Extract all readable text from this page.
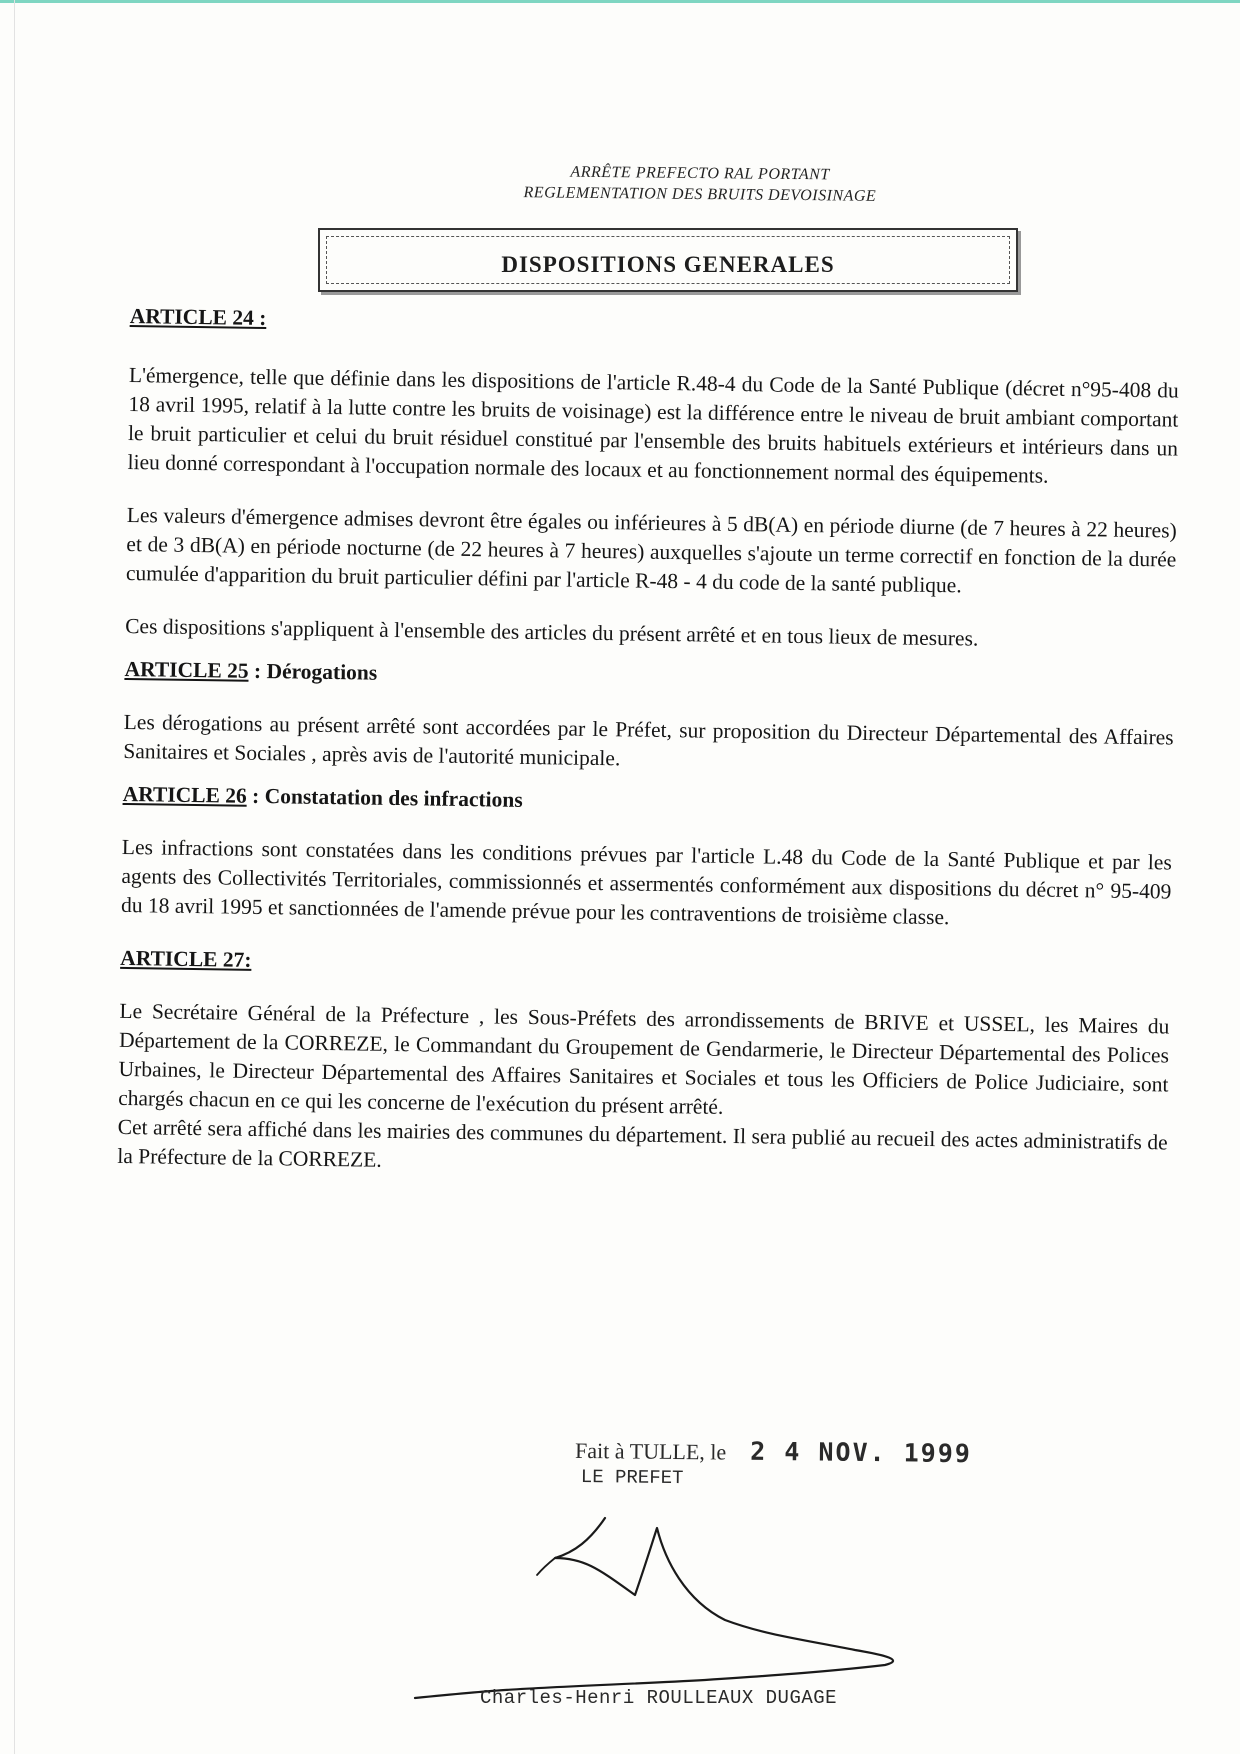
ARRÊTE PREFECTO RAL PORTANT
REGLEMENTATION DES BRUITS DEVOISINAGE
DISPOSITIONS GENERALES
ARTICLE 24 :

L'émergence, telle que définie dans les dispositions de l'article R.48-4 du Code de la Santé Publique (décret n°95-408 du 18 avril 1995, relatif à la lutte contre les bruits de voisinage) est la différence entre le niveau de bruit ambiant comportant le bruit particulier et celui du bruit résiduel constitué par l'ensemble des bruits habituels extérieurs et intérieurs dans un lieu donné correspondant à l'occupation normale des locaux et au fonctionnement normal des équipements.

Les valeurs d'émergence admises devront être égales ou inférieures à 5 dB(A) en période diurne (de 7 heures à 22 heures) et de 3 dB(A) en période nocturne (de 22 heures à 7 heures) auxquelles s'ajoute un terme correctif en fonction de la durée cumulée d'apparition du bruit particulier défini par l'article R-48 - 4 du code de la santé publique.

Ces dispositions s'appliquent à l'ensemble des articles du présent arrêté et en tous lieux de mesures.

ARTICLE 25 : Dérogations

Les dérogations au présent arrêté sont accordées par le Préfet, sur proposition du Directeur Départemental des Affaires Sanitaires et Sociales , après avis de l'autorité municipale.

ARTICLE 26 : Constatation des infractions

Les infractions sont constatées dans les conditions prévues par l'article L.48 du Code de la Santé Publique et par les agents des Collectivités Territoriales, commissionnés et assermentés conformément aux dispositions du décret n° 95-409 du 18 avril 1995 et sanctionnées de l'amende prévue pour les contraventions de troisième classe.

ARTICLE 27:

Le Secrétaire Général de la Préfecture , les Sous-Préfets des arrondissements de BRIVE et USSEL, les Maires du Département de la CORREZE, le Commandant du Groupement de Gendarmerie, le Directeur Départemental des Polices Urbaines, le Directeur Départemental des Affaires Sanitaires et Sociales et tous les Officiers de Police Judiciaire, sont chargés chacun en ce qui les concerne de l'exécution du présent arrêté.

Cet arrêté sera affiché dans les mairies des communes du département. Il sera publié au recueil des actes administratifs de la Préfecture de la CORREZE.

Fait à TULLE, le 2 4 NOV. 1999
LE PREFET
Charles-Henri ROULLEAUX DUGAGE
